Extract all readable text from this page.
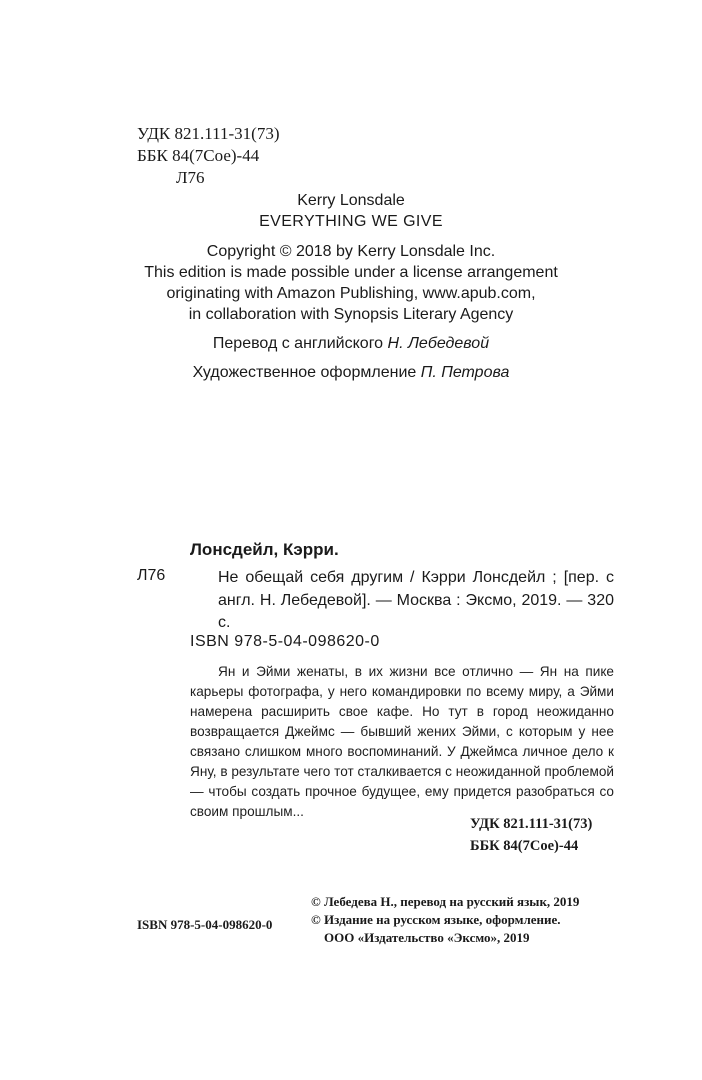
УДК 821.111-31(73)
ББК 84(7Сое)-44
Л76
Kerry Lonsdale
EVERYTHING WE GIVE
Copyright © 2018 by Kerry Lonsdale Inc.
This edition is made possible under a license arrangement
originating with Amazon Publishing, www.apub.com,
in collaboration with Synopsis Literary Agency
Перевод с английского Н. Лебедевой
Художественное оформление П. Петрова
Лонсдейл, Кэрри.
Л76	Не обещай себя другим / Кэрри Лонсдейл ; [пер. с англ. Н. Лебедевой]. — Москва : Эксмо, 2019. — 320 с.
ISBN 978-5-04-098620-0
Ян и Эйми женаты, в их жизни все отлично — Ян на пике карьеры фотографа, у него командировки по всему миру, а Эйми намерена расширить свое кафе. Но тут в город неожиданно возвращается Джеймс — бывший жених Эйми, с которым у нее связано слишком много воспоминаний. У Джеймса личное дело к Яну, в результате чего тот сталкивается с неожиданной проблемой — чтобы создать прочное будущее, ему придется разобраться со своим прошлым...
УДК 821.111-31(73)
ББК 84(7Сое)-44
© Лебедева Н., перевод на русский язык, 2019
© Издание на русском языке, оформление.
ООО «Издательство «Эксмо», 2019
ISBN 978-5-04-098620-0
